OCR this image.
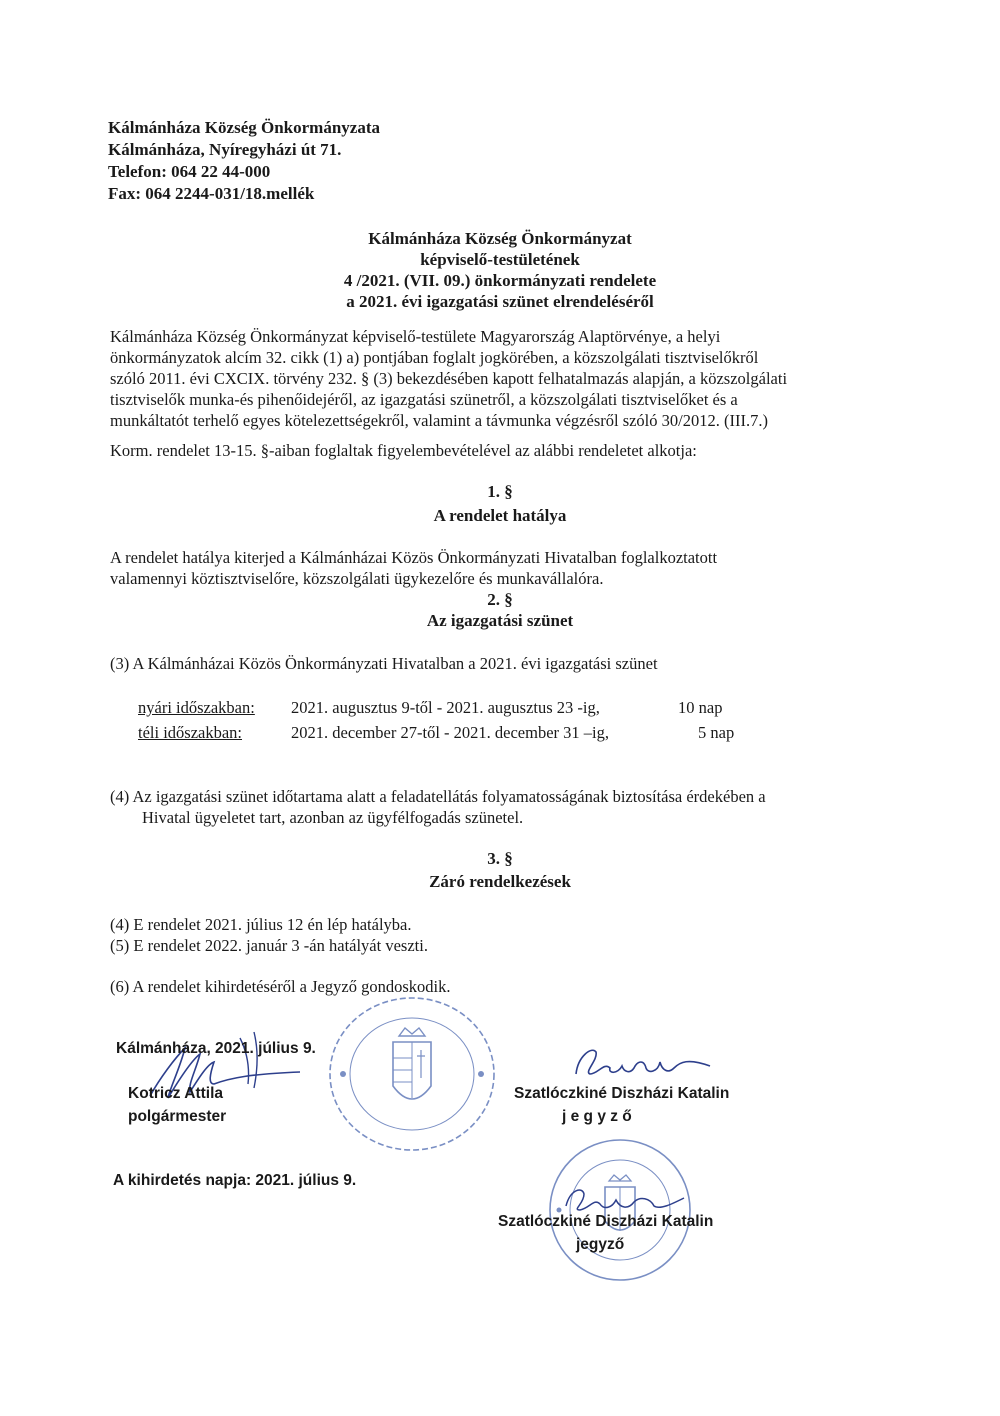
Kálmánháza Község Önkormányzata
Kálmánháza, Nyíregyházi út 71.
Telefon: 064 22 44-000
Fax: 064 2244-031/18.mellék
Kálmánháza Község Önkormányzat
képviselő-testületének
4 /2021. (VII. 09.) önkormányzati rendelete
a 2021. évi igazgatási szünet elrendeléséről
Kálmánháza Község Önkormányzat képviselő-testülete Magyarország Alaptörvénye, a helyi
önkormányzatok alcím 32. cikk (1) a) pontjában foglalt jogkörében, a közszolgálati tisztviselőkről
szóló 2011. évi CXCIX. törvény 232. § (3) bekezdésében kapott felhatalmazás alapján, a közszolgálati
tisztviselők munka-és pihenőidejéről, az igazgatási szünetről, a közszolgálati tisztviselőket és a
munkáltatót terhelő egyes kötelezettségekről, valamint a távmunka végzésről szóló 30/2012. (III.7.)
Korm. rendelet 13-15. §-aiban foglaltak figyelembevételével az alábbi rendeletet alkotja:
1. §
A rendelet hatálya
A rendelet hatálya kiterjed a Kálmánházai Közös Önkormányzati Hivatalban foglalkoztatott
valamennyi köztisztviselőre, közszolgálati ügykezelőre és munkavállalóra.
2. §
Az igazgatási szünet
(3) A Kálmánházai Közös Önkormányzati Hivatalban a 2021. évi igazgatási szünet
nyári időszakban: 2021. augusztus 9-től - 2021. augusztus 23 -ig,	10 nap
téli időszakban:	2021. december 27-től - 2021. december 31 –ig,	5 nap
(4) Az igazgatási szünet időtartama alatt a feladatellátás folyamatosságának biztosítása érdekében a
Hivatal ügyeletet tart, azonban az ügyfélfogadás szünetel.
3. §
Záró rendelkezések
(4) E rendelet 2021. július 12 én lép hatályba.
(5) E rendelet 2022. január 3 -án hatályát veszti.
(6) A rendelet kihirdetéséről a Jegyző gondoskodik.
Kálmánháza, 2021. július 9.
Kotricz Attila
polgármester
Szatlóczkiné Diszházi Katalin
j e g y z ő
A kihirdetés napja: 2021. július 9.
Szatlóczkiné Diszházi Katalin
jegyző
